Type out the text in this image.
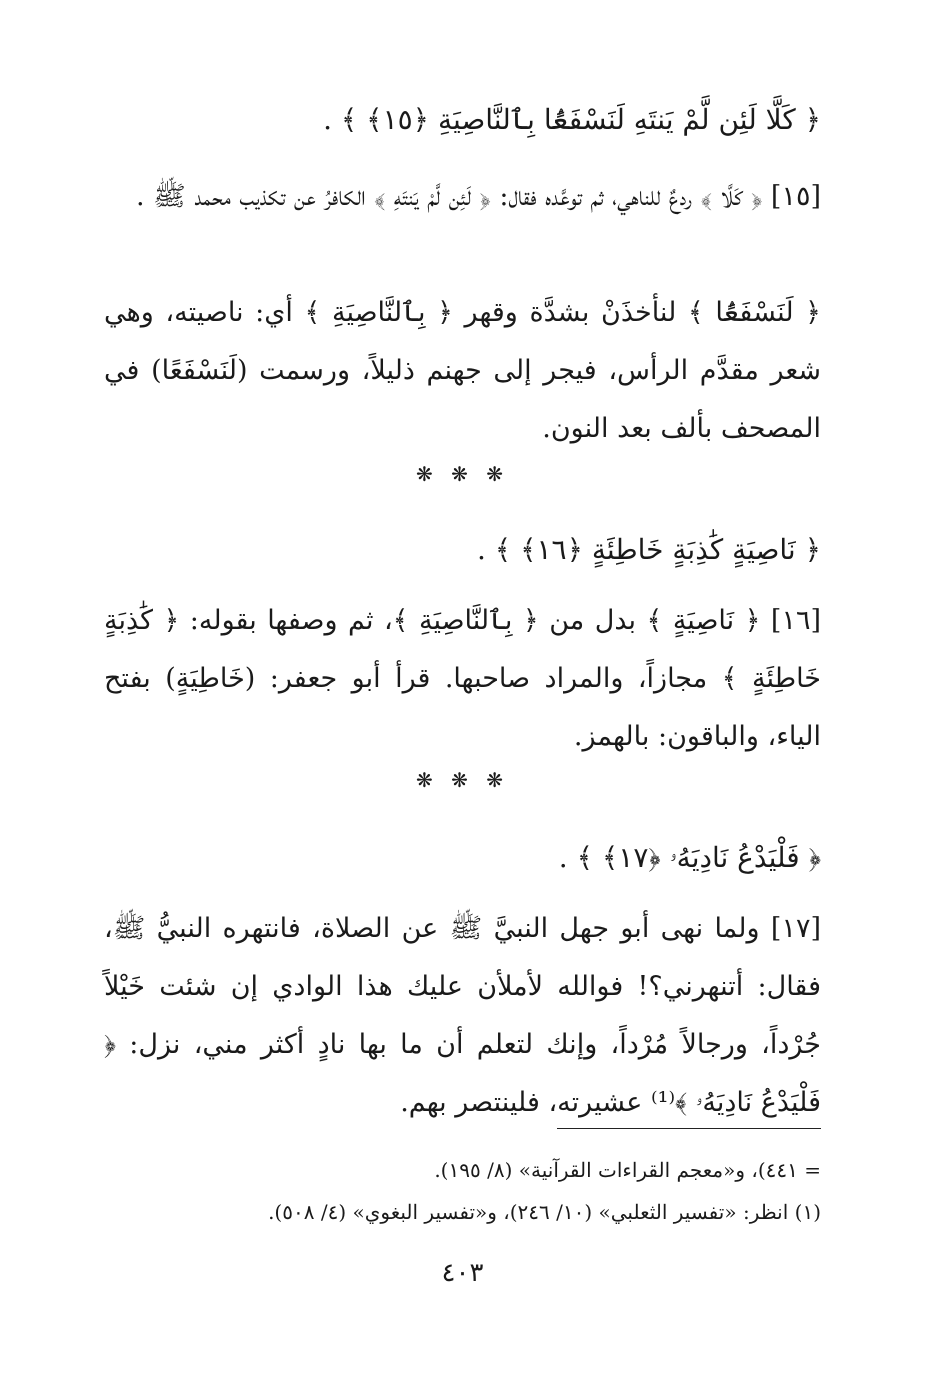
﴿ كَلَّا لَئِن لَّمْ يَنتَهِ لَنَسْفَعًۢا بِٱلنَّاصِيَةِ ﴿١٥﴾ ﴾ .
[١٥] ﴿ كَلَّا ﴾ ردعٌ للناهي، ثم توعَّده فقال: ﴿ لَئِن لَّمْ يَنتَهِ ﴾ الكافرُ عن تكذيب محمد ﷺ .
﴿ لَنَسْفَعًۢا ﴾ لنأخذَنْ بشدَّة وقهر ﴿ بِٱلنَّاصِيَةِ ﴾ أي: ناصيته، وهي شعر مقدَّم الرأس، فيجر إلى جهنم ذليلاً، ورسمت (لَنَسْفَعًا) في المصحف بألف بعد النون.
❋ ❋ ❋
﴿ نَاصِيَةٍ كَٰذِبَةٍ خَاطِئَةٍ ﴿١٦﴾ ﴾ .
[١٦] ﴿ نَاصِيَةٍ ﴾ بدل من ﴿ بِٱلنَّاصِيَةِ ﴾، ثم وصفها بقوله: ﴿ كَٰذِبَةٍ خَاطِئَةٍ ﴾ مجازاً، والمراد صاحبها. قرأ أبو جعفر: (خَاطِيَةٍ) بفتح الياء، والباقون: بالهمز.
❋ ❋ ❋
﴿ فَلْيَدْعُ نَادِيَهُۥ ﴿١٧﴾ ﴾ .
[١٧] ولما نهى أبو جهل النبيَّ ﷺ عن الصلاة، فانتهره النبيُّ ﷺ، فقال: أتنهرني؟! فوالله لأملأن عليك هذا الوادي إن شئت خَيْلاً جُرْداً، ورجالاً مُرْداً، وإنك لتعلم أن ما بها نادٍ أكثر مني، نزل: ﴿ فَلْيَدْعُ نَادِيَهُۥ ﴾⁽¹⁾ عشيرته، فلينتصر بهم.
= ٤٤١)، و«معجم القراءات القرآنية» (٨/ ١٩٥).
(١) انظر: «تفسير الثعلبي» (١٠/ ٢٤٦)، و«تفسير البغوي» (٤/ ٥٠٨).
٤٠٣
